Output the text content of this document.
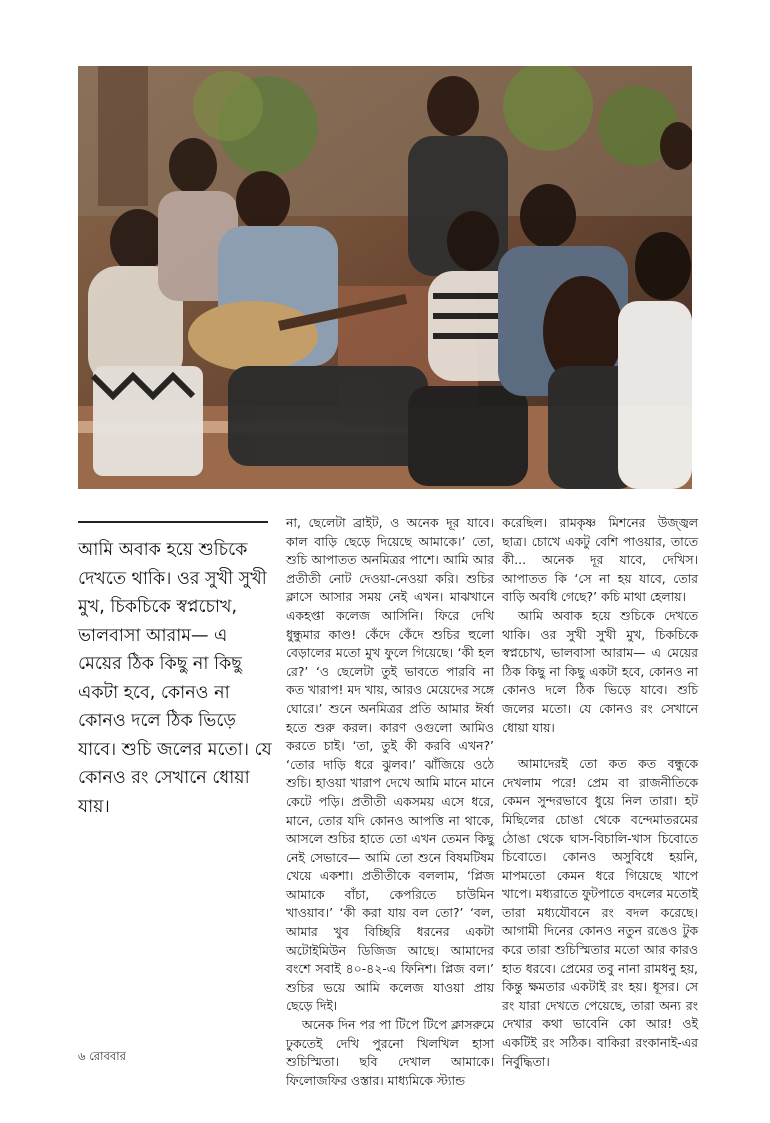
আমি অবাক হয়ে শুচিকে দেখতে থাকি। ওর সুখী সুখী মুখ, চিকচিকে স্বপ্নচোখ, ভালবাসা আরাম— এ মেয়ের ঠিক কিছু না কিছু একটা হবে, কোনও না কোনও দলে ঠিক ভিড়ে যাবে। শুচি জলের মতো। যে কোনও রং সেখানে ধোয়া যায়।

না, ছেলেটা ব্রাইট, ও অনেক দূর যাবে। কাল বাড়ি ছেড়ে দিয়েছে আমাকে।’ তো, শুচি আপাতত অনমিত্রর পাশে। আমি আর প্রতীতী নোট দেওয়া-নেওয়া করি। শুচির ক্লাসে আসার সময় নেই এখন। মাঝখানে একহপ্তা কলেজ আসিনি। ফিরে দেখি ধুন্ধুমার কাণ্ড! কেঁদে কেঁদে শুচির হুলো বেড়ালের মতো মুখ ফুলে গিয়েছে। ‘কী হল রে?’ ‘ও ছেলেটা তুই ভাবতে পারবি না কত খারাপ! মদ খায়, আরও মেয়েদের সঙ্গে ঘোরে।’ শুনে অনমিত্রর প্রতি আমার ঈর্ষা হতে শুরু করল। কারণ ওগুলো আমিও করতে চাই। ‘তা, তুই কী করবি এখন?’ ‘তোর দাড়ি ধরে ঝুলব।’ ঝাঁজিয়ে ওঠে শুচি। হাওয়া খারাপ দেখে আমি মানে মানে কেটে পড়ি। প্রতীতী একসময় এসে ধরে, মানে, তোর যদি কোনও আপত্তি না থাকে, আসলে শুচির হাতে তো এখন তেমন কিছু নেই সেভাবে— আমি তো শুনে বিষমটিষম খেয়ে একশা। প্রতীতীকে বললাম, ‘প্লিজ আমাকে বাঁচা, কেপরিতে চাউমিন খাওয়াব।’ ‘কী করা যায় বল তো?’ ‘বল, আমার খুব বিচ্ছিরি ধরনের একটা অটোইমিউন ডিজিজ আছে। আমাদের বংশে সবাই ৪০-৪২-এ ফিনিশ। প্লিজ বল।’ শুচির ভয়ে আমি কলেজ যাওয়া প্রায় ছেড়ে দিই।

অনেক দিন পর পা টিপে টিপে ক্লাসরুমে ঢুকতেই দেখি পুরনো খিলখিল হাসা শুচিস্মিতা। ছবি দেখাল আমাকে। ফিলোজফির ওস্তার। মাধ্যমিকে স্ট্যান্ড

করেছিল। রামকৃষ্ণ মিশনের উজ্জ্বল ছাত্র। চোখে একটু বেশি পাওয়ার, তাতে কী... অনেক দূর যাবে, দেখিস। আপাতত কি ‘সে না হয় যাবে, তোর বাড়ি অবধি গেছে?’ কচি মাথা হেলায়।

আমি অবাক হয়ে শুচিকে দেখতে থাকি। ওর সুখী সুখী মুখ, চিকচিকে স্বপ্নচোখ, ভালবাসা আরাম— এ মেয়ের ঠিক কিছু না কিছু একটা হবে, কোনও না কোনও দলে ঠিক ভিড়ে যাবে। শুচি জলের মতো। যে কোনও রং সেখানে ধোয়া যায়।

আমাদেরই তো কত কত বন্ধুকে দেখলাম পরে! প্রেম বা রাজনীতিকে কেমন সুন্দরভাবে ধুয়ে নিল তারা। হট মিছিলের চোঙা থেকে বন্দেমাতরমের ঠোঙা থেকে ঘাস-বিচালি-খাস চিবোতে চিবোতে। কোনও অসুবিধে হয়নি, মাপমতো কেমন ধরে গিয়েছে খাপে খাপে। মধ্যরাতে ফুটপাতে বদলের মতোই তারা মধ্যযৌবনে রং বদল করেছে। আগামী দিনের কোনও নতুন রঙেও টুক করে তারা শুচিস্মিতার মতো আর কারও হাত ধরবে। প্রেমের তবু নানা রামধনু হয়, কিন্তু ক্ষমতার একটাই রং হয়। ধূসর। সে রং যারা দেখতে পেয়েছে, তারা অন্য রং দেখার কথা ভাবেনি কো আর! ওই একটিই রং সঠিক। বাকিরা রংকানাই-এর নির্বুদ্ধিতা।

৬ রোববার
